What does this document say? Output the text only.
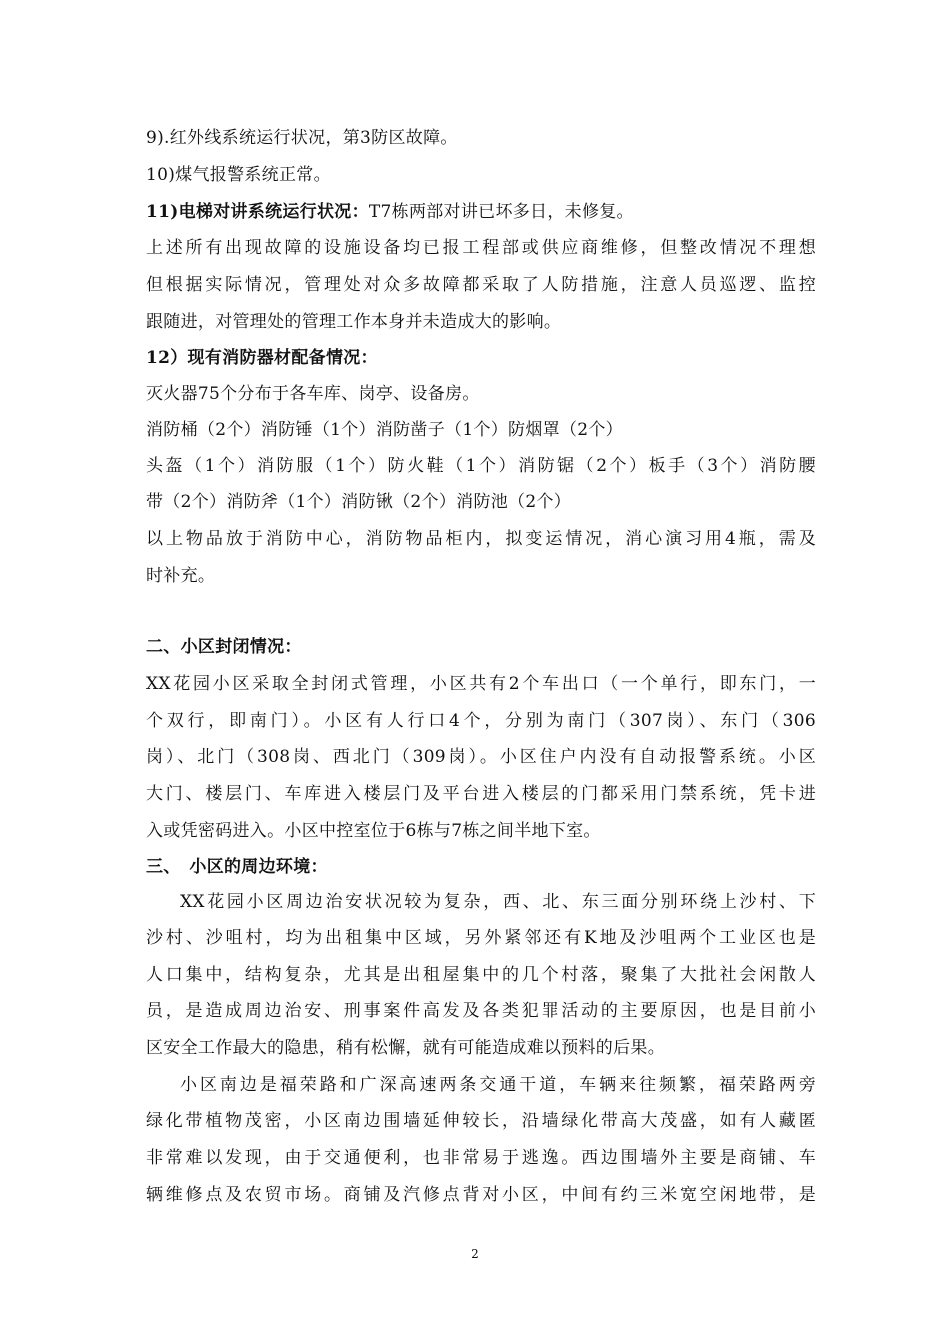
9).红外线系统运行状况，第3防区故障。
10)煤气报警系统正常。
11)电梯对讲系统运行状况：T7栋两部对讲已坏多日，未修复。
上述所有出现故障的设施设备均已报工程部或供应商维修，但整改情况不理想
但根据实际情况，管理处对众多故障都采取了人防措施，注意人员巡逻、监控
跟随进，对管理处的管理工作本身并未造成大的影响。
12）现有消防器材配备情况：
灭火器75个分布于各车库、岗亭、设备房。
消防桶（2个）消防锤（1个）消防凿子（1个）防烟罩（2个）
头盔（1个）消防服（1个）防火鞋（1个）消防锯（2个）板手（3个）消防腰
带（2个）消防斧（1个）消防锹（2个）消防池（2个）
以上物品放于消防中心，消防物品柜内，拟变运情况，消心演习用4瓶，需及
时补充。
二、小区封闭情况：
XX花园小区采取全封闭式管理，小区共有2个车出口（一个单行，即东门，一
个双行，即南门）。小区有人行口4个，分别为南门（307岗）、东门（306
岗）、北门（308岗、西北门（309岗）。小区住户内没有自动报警系统。小区
大门、楼层门、车库进入楼层门及平台进入楼层的门都采用门禁系统，凭卡进
入或凭密码进入。小区中控室位于6栋与7栋之间半地下室。
三、　小区的周边环境：
XX花园小区周边治安状况较为复杂，西、北、东三面分别环绕上沙村、下
沙村、沙咀村，均为出租集中区域，另外紧邻还有K地及沙咀两个工业区也是
人口集中，结构复杂，尤其是出租屋集中的几个村落，聚集了大批社会闲散人
员，是造成周边治安、刑事案件高发及各类犯罪活动的主要原因，也是目前小
区安全工作最大的隐患，稍有松懈，就有可能造成难以预料的后果。
小区南边是福荣路和广深高速两条交通干道，车辆来往频繁，福荣路两旁
绿化带植物茂密，小区南边围墙延伸较长，沿墙绿化带高大茂盛，如有人藏匿
非常难以发现，由于交通便利，也非常易于逃逸。西边围墙外主要是商铺、车
辆维修点及农贸市场。商铺及汽修点背对小区，中间有约三米宽空闲地带，是
2
